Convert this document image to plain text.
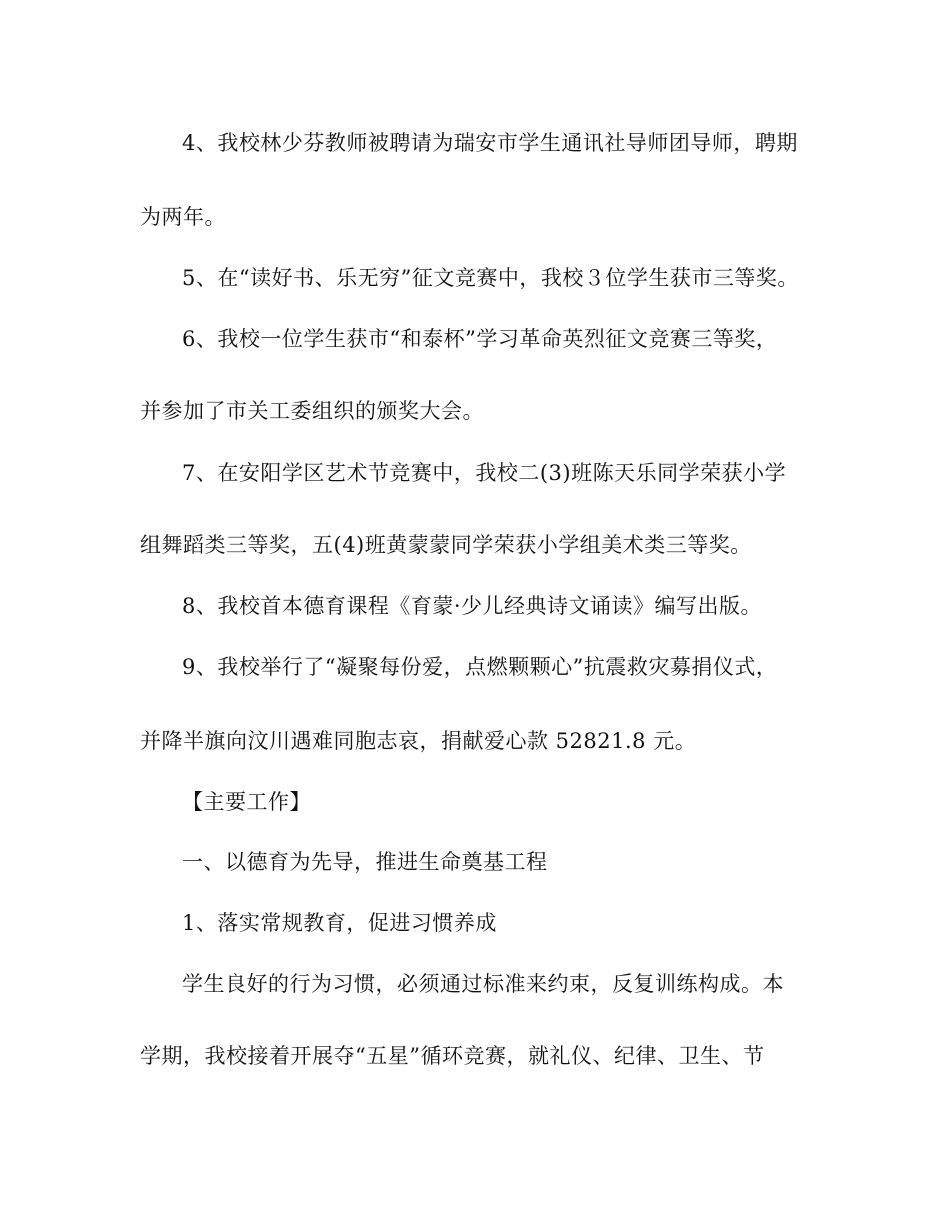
4、我校林少芬教师被聘请为瑞安市学生通讯社导师团导师，聘期
为两年。
5、在“读好书、乐无穷”征文竞赛中，我校３位学生获市三等奖。
6、我校一位学生获市“和泰杯”学习革命英烈征文竞赛三等奖，
并参加了市关工委组织的颁奖大会。
7、在安阳学区艺术节竞赛中，我校二(3)班陈天乐同学荣获小学
组舞蹈类三等奖，五(4)班黄蒙蒙同学荣获小学组美术类三等奖。
8、我校首本德育课程《育蒙·少儿经典诗文诵读》编写出版。
9、我校举行了“凝聚每份爱，点燃颗颗心”抗震救灾募捐仪式，
并降半旗向汶川遇难同胞志哀，捐献爱心款 52821.8 元。
【主要工作】
一、以德育为先导，推进生命奠基工程
1、落实常规教育，促进习惯养成
学生良好的行为习惯，必须通过标准来约束，反复训练构成。本
学期，我校接着开展夺“五星”循环竞赛，就礼仪、纪律、卫生、节
